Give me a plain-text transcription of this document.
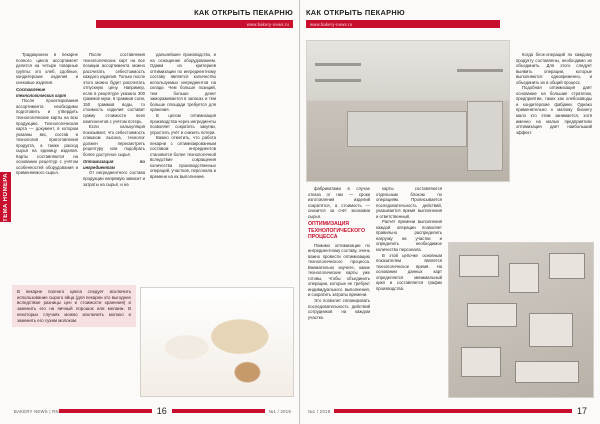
КАК ОТКРЫТЬ ПЕКАРНЮ
www.bakery-news.ru
ТЕМА НОМЕРА

Традиционно в пекарне полного цикла ассортимент делится на четыре товарные группы: это хлеб, сдобные, кондитерские изделия и снековые изделия.

Составление технологических карт

После проектирования ассортимента необходимо подготовить и утвердить технологические карты на всю продукцию. Технологическая карта — документ, в котором указаны вес, состав и технология приготовления продукта, а также расход сырья на единицу изделия. Карты составляются на основании рецептур с учётом особенностей оборудования и применяемого сырья.

После составления технологических карт на все позиции ассортимента можно рассчитать себестоимость каждого изделия. Только после этого можно будет рассчитать отпускную цену. Например, если в рецептуре указано 300 граммов муки, 6 граммов соли, 150 граммов воды, то стоимость изделия составит сумму стоимости всех компонентов с учётом потерь.

Если калькуляция показывает, что себестоимость слишком высока, технолог должен пересмотреть рецептуру или подобрать более доступное сырьё.

Оптимизация по ингредиентам

От ингредиентного состава продукции напрямую зависит и затраты на сырьё, и на

дальнейшее производство, и на оснащение оборудованием. Одним из критериев оптимизации по ингредиентному составу является количество используемых ингредиентов на складе. Чем больше позиций, тем больше денег замораживается в запасах и тем больше площади требуется для хранения.

В целом оптимизация производства через ингредиенты позволяет сократить закупки, упростить учёт и снизить потери.

Важно отметить, что работа пекарни с оптимизированным составом ингредиентов становится более технологичной вследствие сокращения количества производственных операций, участков, персонала и времени на их выполнение.

В пекарне полного цикла следует исключить использование сырого яйца (для пекарни это выгоднее вследствие разницы цен и стоимости хранения) и заменить его на яичный порошок или меланж. В некоторых случаях можно исключить молоко и заменить его сухим молоком.
BAKERY NEWS | RN	16	№1 / 2019
КАК ОТКРЫТЬ ПЕКАРНЮ
www.bakery-news.ru

фабрикатами в случае отказа от них — сроки изготовления изделий сократятся, а стоимость — снизится за счёт экономии сырья.

ОПТИМИЗАЦИЯ ТЕХНОЛОГИЧЕСКОГО ПРОЦЕССА

Помимо оптимизации по ингредиентному составу, очень важно провести оптимизацию технологического процесса. Внимательно изучите, какие технологические карты уже готовы, чтобы объединить операции, которые не требуют индивидуального выполнения, и сократить затраты времени.

Это позволит спланировать последовательность действий сотрудников на каждом участке.

карты составляются отдельным блоком по операциям. Прописывается последовательность действий, указывается время выполнения и ответственный.

Расчёт времени выполнения каждой операции позволяет правильно распределить нагрузку на участки и определить необходимое количество персонала.

В этой цепочке основным показателем является технологическое время. На основании данных карт определяется минимальный цикл и составляется график производства.

Когда блок-операций по каждому продукту составлены, необходимо их объединить. Для этого следует выявить операции, которые выполняются одновременно, и объединить их в общий процесс.

Подобная оптимизация даёт основание на большие стратегии, предприятии, таких как хлебозаводы и кондитерские фабрики. Однако применительно к малому бизнегу мало кто этим занимается, хотя именно на малых предприятиях оптимизация даёт наибольший эффект.

№1 / 2019	17
